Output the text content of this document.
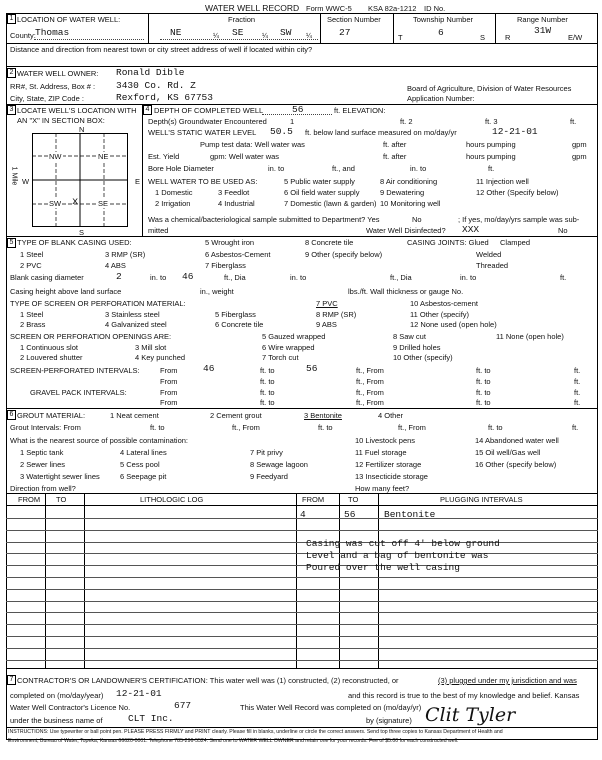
WATER WELL RECORD Form WWC-5 KSA 82a-1212 ID No.
1 LOCATION OF WATER WELL:
County: Thomas
Fraction
NE	¼ SE	¼ SW ¼
Section Number
27
Township Number
T	6	S
Range Number
R
31W
E/W
Distance and direction from nearest town or city street address of well if located within city?
2 WATER WELL OWNER: Ronald Dible
RR#, St. Address, Box # : 3430 Co. Rd. Z
City, State, ZIP Code :	Rexford, KS 67753
Board of Agriculture, Division of Water Resources
Application Number:
3 LOCATE WELL'S LOCATION WITH
AN "X" IN SECTION BOX:
N
S
W	E
1 Mile
NW	NE
SW	SE
x
4 DEPTH OF COMPLETED WELL	56	ft. ELEVATION:
Depth(s) Groundwater Encountered	1	ft. 2	ft. 3	ft.
WELL'S STATIC WATER LEVEL 50.5 ft. below land surface measured on mo/day/yr	12-21-01
Pump test data: Well water was	ft. after	hours pumping	gpm
Est. Yield	gpm: Well water was	ft. after	hours pumping	gpm
Bore Hole Diameter	in. to	ft., and	in. to	ft.
WELL WATER TO BE USED AS:	5 Public water supply	8 Air conditioning	11 Injection well
1 Domestic	3 Feedlot	6 Oil field water supply	9 Dewatering	12 Other (Specify below)
2 Irrigation	4 Industrial	7 Domestic (lawn & garden) 10 Monitoring well
Was a chemical/bacteriological sample submitted to Department? Yes	No	; If yes, mo/day/yrs sample was sub-
mitted	Water Well Disinfected? XXX	No
5 TYPE OF BLANK CASING USED:	5 Wrought iron	8 Concrete tile	CASING JOINTS: Glued Clamped
1 Steel	3 RMP (SR)	6 Asbestos-Cement	9 Other (specify below)	Welded
2 PVC	4 ABS	7 Fiberglass	Threaded
Blank casing diameter	2	in. to 46	ft., Dia	in. to	ft., Dia	in. to	ft.
Casing height above land surface	in., weight	lbs./ft. Wall thickness or gauge No.
TYPE OF SCREEN OR PERFORATION MATERIAL:	7 PVC	10 Asbestos-cement
1 Steel	3 Stainless steel	5 Fiberglass	8 RMP (SR)	11 Other (specify)
2 Brass	4 Galvanized steel	6 Concrete tile	9 ABS	12 None used (open hole)
SCREEN OR PERFORATION OPENINGS ARE:	5 Gauzed wrapped	8 Saw cut	11 None (open hole)
1 Continuous slot	3 Mill slot	6 Wire wrapped	9 Drilled holes
2 Louvered shutter	4 Key punched	7 Torch cut	10 Other (specify)
SCREEN-PERFORATED INTERVALS:	From	46	ft. to	56	ft., From	ft. to	ft.
From	ft. to	ft., From	ft. to	ft.
GRAVEL PACK INTERVALS:	From	ft. to	ft., From	ft. to	ft.
From	ft. to	ft., From	ft. to	ft.
6 GROUT MATERIAL:	1 Neat cement	2 Cement grout	3 Bentonite	4 Other
Grout Intervals: From	ft. to	ft., From	ft. to	ft., From	ft. to	ft.
What is the nearest source of possible contamination:	10 Livestock pens	14 Abandoned water well
1 Septic tank	4 Lateral lines	7 Pit privy	11 Fuel storage	15 Oil well/Gas well
2 Sewer lines	5 Cess pool	8 Sewage lagoon	12 Fertilizer storage	16 Other (specify below)
3 Watertight sewer lines	6 Seepage pit	9 Feedyard	13 Insecticide storage
Direction from well?	How many feet?
FROM TO	LITHOLOGIC LOG	FROM	TO	PLUGGING INTERVALS
4	56	Bentonite
Casing was cut off 4' below ground
Level and a bag of bentonite was
Poured over the well casing
7 CONTRACTOR'S OR LANDOWNER'S CERTIFICATION: This water well was (1) constructed, (2) reconstructed, or	(3) plugged under my jurisdiction and was
completed on (mo/day/year) 12-21-01	and this record is true to the best of my knowledge and belief. Kansas
Water Well Contractor's Licence No.	677	This Water Well Record was completed on (mo/day/yr)
under the business name of	CLT Inc.	by (signature) Clit Tyler
INSTRUCTIONS: Use typewriter or ball point pen. PLEASE PRESS FIRMLY and PRINT clearly. Please fill in blanks, underline or circle the correct answers. Send top three copies to Kansas Department of Health and
Environment, Bureau of Water, Topeka, Kansas 66620-0001. Telephone 785-296-5524. Send one to WATER WELL OWNER and retain one for your records. Fee of $5.00 for each constructed well.
